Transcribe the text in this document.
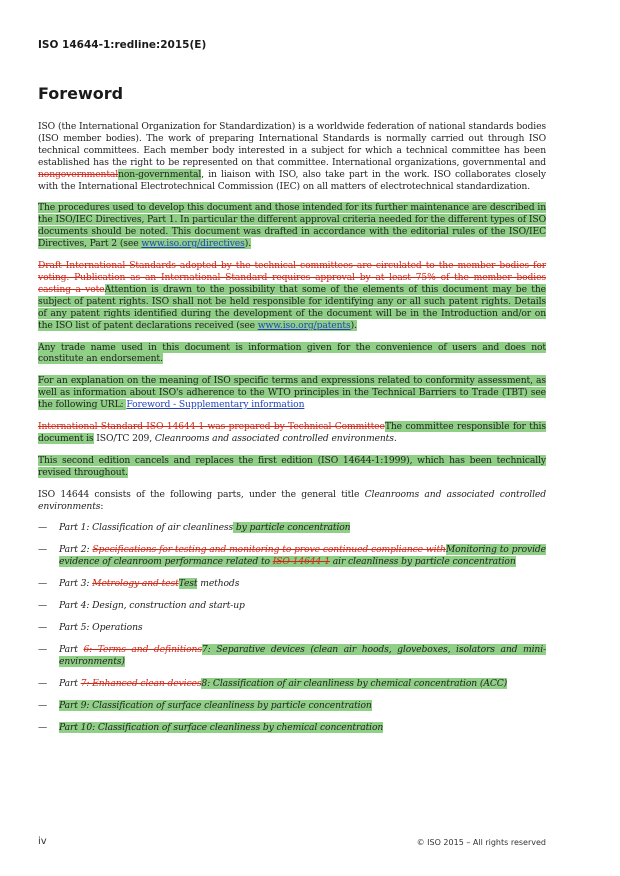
ISO 14644-1:redline:2015(E)
Foreword

ISO (the International Organization for Standardization) is a worldwide federation of national standards bodies (ISO member bodies). The work of preparing International Standards is normally carried out through ISO technical committees. Each member body interested in a subject for which a technical committee has been established has the right to be represented on that committee. International organizations, governmental and nongovernmentalnon-governmental, in liaison with ISO, also take part in the work. ISO collaborates closely with the International Electrotechnical Commission (IEC) on all matters of electrotechnical standardization.

The procedures used to develop this document and those intended for its further maintenance are described in the ISO/IEC Directives, Part 1. In particular the different approval criteria needed for the different types of ISO documents should be noted. This document was drafted in accordance with the editorial rules of the ISO/IEC Directives, Part 2 (see www.iso.org/directives).

Draft International Standards adopted by the technical committees are circulated to the member bodies for voting. Publication as an International Standard requires approval by at least 75% of the member bodies casting a voteAttention is drawn to the possibility that some of the elements of this document may be the subject of patent rights. ISO shall not be held responsible for identifying any or all such patent rights. Details of any patent rights identified during the development of the document will be in the Introduction and/or on the ISO list of patent declarations received (see www.iso.org/patents).

Any trade name used in this document is information given for the convenience of users and does not constitute an endorsement.

For an explanation on the meaning of ISO specific terms and expressions related to conformity assessment, as well as information about ISO's adherence to the WTO principles in the Technical Barriers to Trade (TBT) see the following URL: Foreword - Supplementary information

International Standard ISO 14644-1 was prepared by Technical CommitteeThe committee responsible for this document is ISO/TC 209, Cleanrooms and associated controlled environments.

This second edition cancels and replaces the first edition (ISO 14644-1:1999), which has been technically revised throughout.

ISO 14644 consists of the following parts, under the general title Cleanrooms and associated controlled environments:

— Part 1: Classification of air cleanliness by particle concentration
— Part 2: Specifications for testing and monitoring to prove continued compliance withMonitoring to provide evidence of cleanroom performance related to ISO 14644-1 air cleanliness by particle concentration
— Part 3: Metrology and testTest methods
— Part 4: Design, construction and start-up
— Part 5: Operations
— Part 6: Terms and definitions7: Separative devices (clean air hoods, gloveboxes, isolators and mini-environments)
— Part 7: Enhanced clean devices8: Classification of air cleanliness by chemical concentration (ACC)
— Part 9: Classification of surface cleanliness by particle concentration
— Part 10: Classification of surface cleanliness by chemical concentration
iv	© ISO 2015 – All rights reserved
